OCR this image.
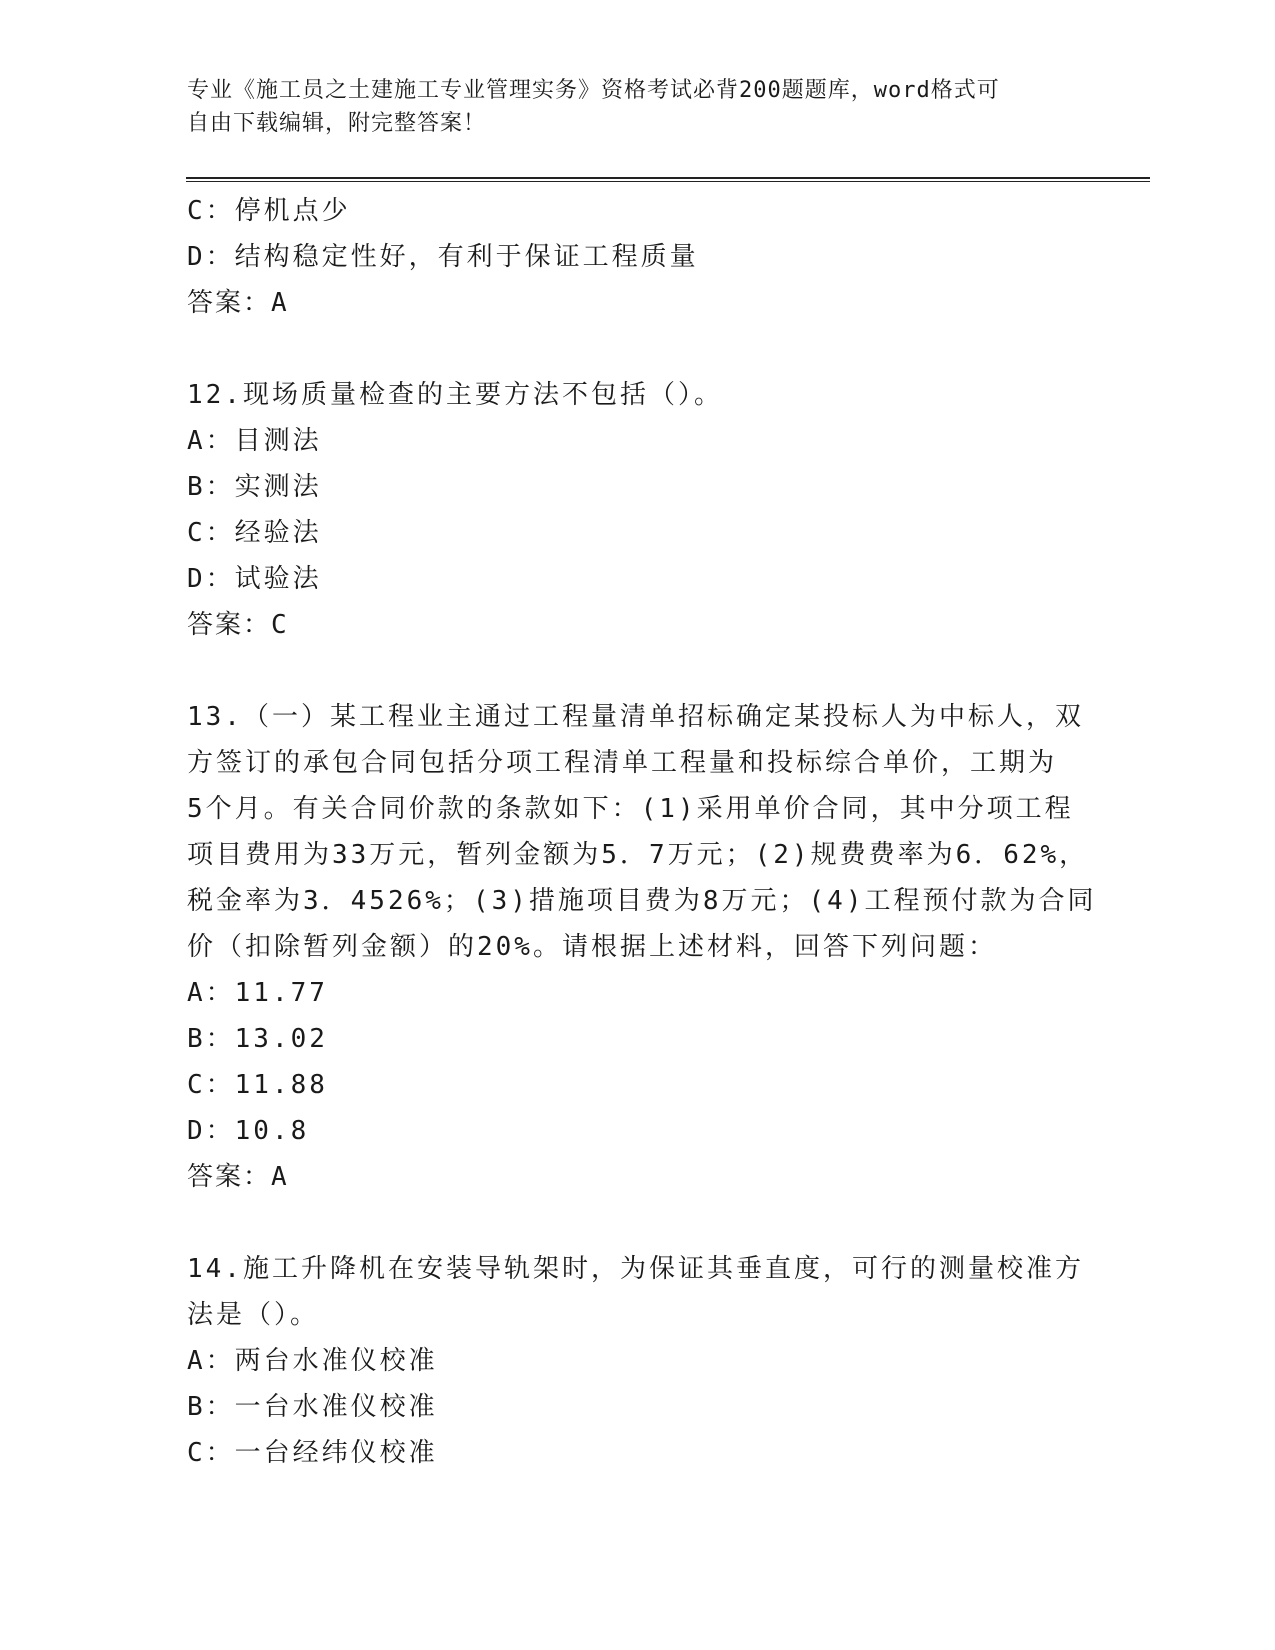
专业《施工员之土建施工专业管理实务》资格考试必背200题题库，word格式可
自由下载编辑，附完整答案！
C：停机点少
D：结构稳定性好，有利于保证工程质量
答案：A
12.现场质量检查的主要方法不包括（）。
A：目测法
B：实测法
C：经验法
D：试验法
答案：C
13.（一）某工程业主通过工程量清单招标确定某投标人为中标人，双
方签订的承包合同包括分项工程清单工程量和投标综合单价，工期为
5个月。有关合同价款的条款如下：(1)采用单价合同，其中分项工程
项目费用为33万元，暂列金额为5．7万元；(2)规费费率为6．62%，
税金率为3．4526%；(3)措施项目费为8万元；(4)工程预付款为合同
价（扣除暂列金额）的20%。请根据上述材料，回答下列问题：
A：11.77
B：13.02
C：11.88
D：10.8
答案：A
14.施工升降机在安装导轨架时，为保证其垂直度，可行的测量校准方
法是（）。
A：两台水准仪校准
B：一台水准仪校准
C：一台经纬仪校准
